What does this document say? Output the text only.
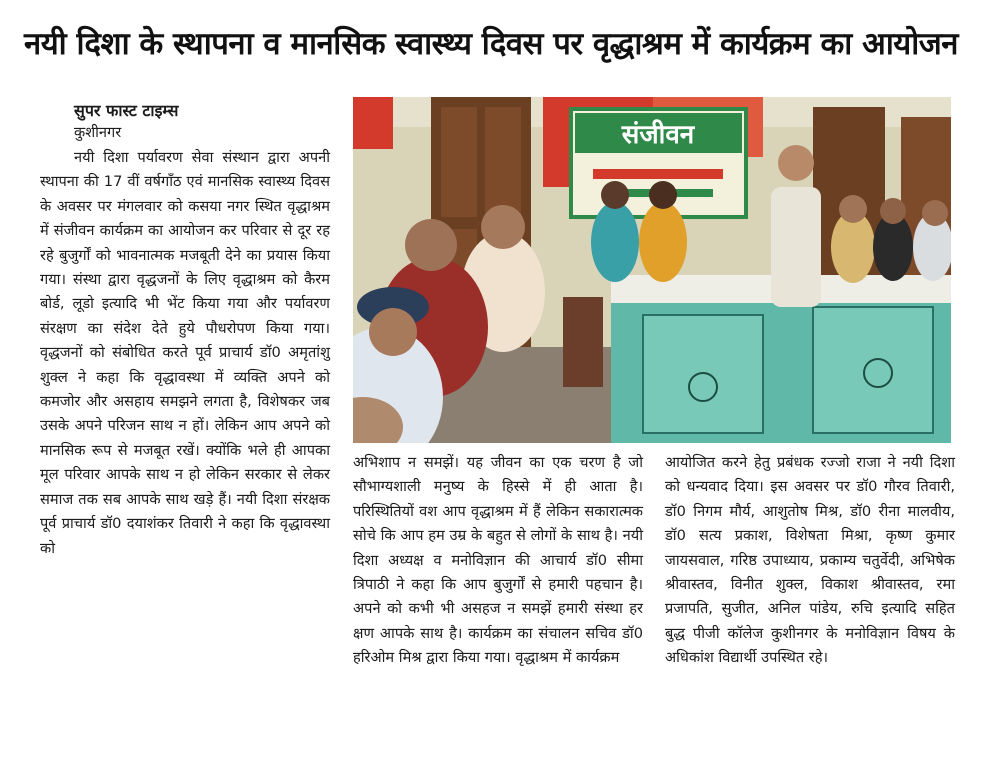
नयी दिशा के स्थापना व मानसिक स्वास्थ्य दिवस पर वृद्धाश्रम में कार्यक्रम का आयोजन
सुपर फास्ट टाइम्स
कुशीनगर

नयी दिशा पर्यावरण सेवा संस्थान द्वारा अपनी स्थापना की 17 वीं वर्षगाँठ एवं मानसिक स्वास्थ्य दिवस के अवसर पर मंगलवार को कसया नगर स्थित वृद्धाश्रम में संजीवन कार्यक्रम का आयोजन कर परिवार से दूर रह रहे बुजुर्गों को भावनात्मक मजबूती देने का प्रयास किया गया। संस्था द्वारा वृद्धजनों के लिए वृद्धाश्रम को कैरम बोर्ड, लूडो इत्यादि भी भेंट किया गया और पर्यावरण संरक्षण का संदेश देते हुये पौधरोपण किया गया। वृद्धजनों को संबोधित करते पूर्व प्राचार्य डॉ0 अमृतांशु शुक्ल ने कहा कि वृद्धावस्था में व्यक्ति अपने को कमजोर और असहाय समझने लगता है, विशेषकर जब उसके अपने परिजन साथ न हों। लेकिन आप अपने को मानसिक रूप से मजबूत रखें। क्योंकि भले ही आपका मूल परिवार आपके साथ न हो लेकिन सरकार से लेकर समाज तक सब आपके साथ खड़े हैं। नयी दिशा संरक्षक पूर्व प्राचार्य डॉ0 दयाशंकर तिवारी ने कहा कि वृद्धावस्था को

संजीवन

अभिशाप न समझें। यह जीवन का एक चरण है जो सौभाग्यशाली मनुष्य के हिस्से में ही आता है। परिस्थितियों वश आप वृद्धाश्रम में हैं लेकिन सकारात्मक सोचे कि आप हम उम्र के बहुत से लोगों के साथ है। नयी दिशा अध्यक्ष व मनोविज्ञान की आचार्य डॉ0 सीमा त्रिपाठी ने कहा कि आप बुजुर्गों से हमारी पहचान है। अपने को कभी भी असहज न समझें हमारी संस्था हर क्षण आपके साथ है। कार्यक्रम का संचालन सचिव डॉ0 हरिओम मिश्र द्वारा किया गया। वृद्धाश्रम में कार्यक्रम

आयोजित करने हेतु प्रबंधक रज्जो राजा ने नयी दिशा को धन्यवाद दिया। इस अवसर पर डॉ0 गौरव तिवारी, डॉ0 निगम मौर्य, आशुतोष मिश्र, डॉ0 रीना मालवीय, डॉ0 सत्य प्रकाश, विशेषता मिश्रा, कृष्ण कुमार जायसवाल, गरिष्ठ उपाध्याय, प्रकाम्य चतुर्वेदी, अभिषेक श्रीवास्तव, विनीत शुक्ल, विकाश श्रीवास्तव, रमा प्रजापति, सुजीत, अनिल पांडेय, रुचि इत्यादि सहित बुद्ध पीजी कॉलेज कुशीनगर के मनोविज्ञान विषय के अधिकांश विद्यार्थी उपस्थित रहे।
